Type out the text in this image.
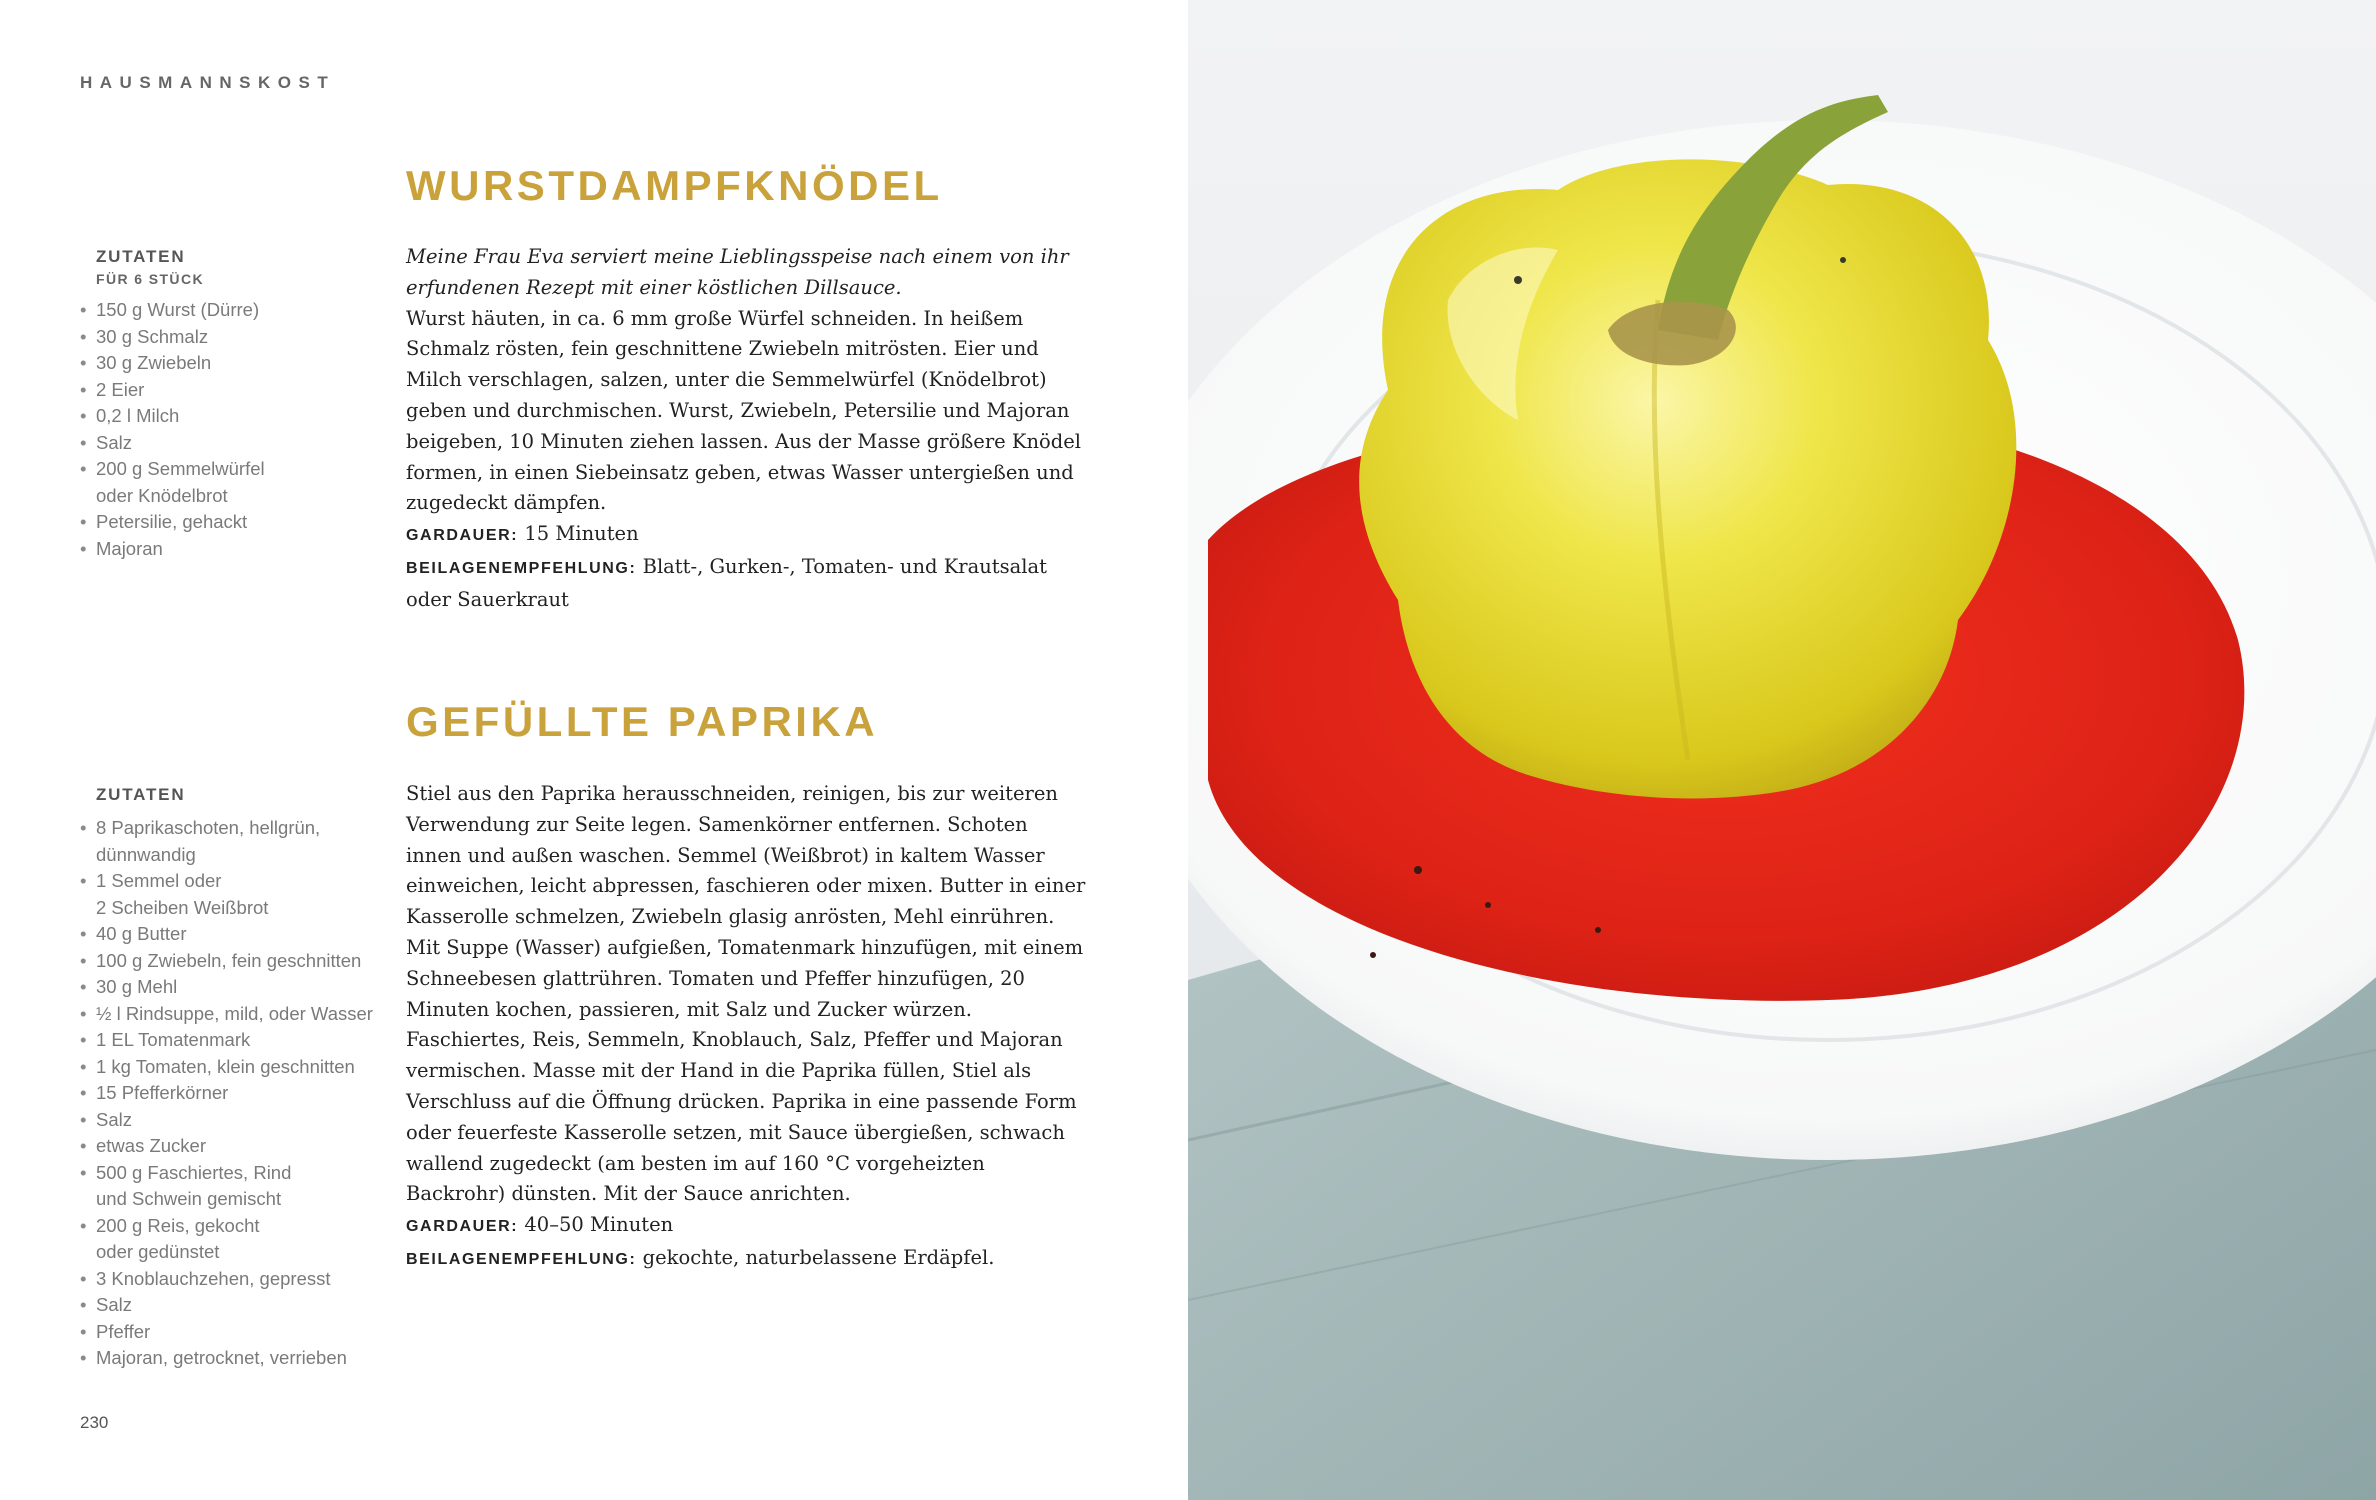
HAUSMANNSKOST
WURSTDAMPFKNÖDEL
ZUTATEN
FÜR 6 STÜCK
• 150 g Wurst (Dürre)
• 30 g Schmalz
• 30 g Zwiebeln
• 2 Eier
• 0,2 l Milch
• Salz
• 200 g Semmelwürfel
oder Knödelbrot
• Petersilie, gehackt
• Majoran

Meine Frau Eva serviert meine Lieblingsspeise nach einem von ihr erfundenen Rezept mit einer köstlichen Dillsauce.

Wurst häuten, in ca. 6 mm große Würfel schneiden. In heißem Schmalz rösten, fein geschnittene Zwiebeln mitrösten. Eier und Milch verschlagen, salzen, unter die Semmelwürfel (Knödelbrot) geben und durchmischen. Wurst, Zwiebeln, Petersilie und Majoran beigeben, 10 Minuten ziehen lassen. Aus der Masse größere Knödel formen, in einen Siebeinsatz geben, etwas Wasser untergießen und zugedeckt dämpfen.

GARDAUER: 15 Minuten

BEILAGENEMPFEHLUNG: Blatt-, Gurken-, Tomaten- und Krautsalat oder Sauerkraut

GEFÜLLTE PAPRIKA
ZUTATEN
• 8 Paprikaschoten, hellgrün,
dünnwandig
• 1 Semmel oder
2 Scheiben Weißbrot
• 40 g Butter
• 100 g Zwiebeln, fein geschnitten
• 30 g Mehl
• ½ l Rindsuppe, mild, oder Wasser
• 1 EL Tomatenmark
• 1 kg Tomaten, klein geschnitten
• 15 Pfefferkörner
• Salz
• etwas Zucker
• 500 g Faschiertes, Rind
und Schwein gemischt
• 200 g Reis, gekocht
oder gedünstet
• 3 Knoblauchzehen, gepresst
• Salz
• Pfeffer
• Majoran, getrocknet, verrieben

Stiel aus den Paprika herausschneiden, reinigen, bis zur weiteren Verwendung zur Seite legen. Samenkörner entfernen. Schoten innen und außen waschen. Semmel (Weißbrot) in kaltem Wasser einweichen, leicht abpressen, faschieren oder mixen. Butter in einer Kasserolle schmelzen, Zwiebeln glasig anrösten, Mehl einrühren. Mit Suppe (Wasser) aufgießen, Tomatenmark hinzufügen, mit einem Schneebesen glattrühren. Tomaten und Pfeffer hinzufügen, 20 Minuten kochen, passieren, mit Salz und Zucker würzen. Faschiertes, Reis, Semmeln, Knoblauch, Salz, Pfeffer und Majoran vermischen. Masse mit der Hand in die Paprika füllen, Stiel als Verschluss auf die Öffnung drücken. Paprika in eine passende Form oder feuerfeste Kasserolle setzen, mit Sauce übergießen, schwach wallend zugedeckt (am besten im auf 160 °C vorgeheizten Backrohr) dünsten. Mit der Sauce anrichten.

GARDAUER: 40–50 Minuten

BEILAGENEMPFEHLUNG: gekochte, naturbelassene Erdäpfel.

230
